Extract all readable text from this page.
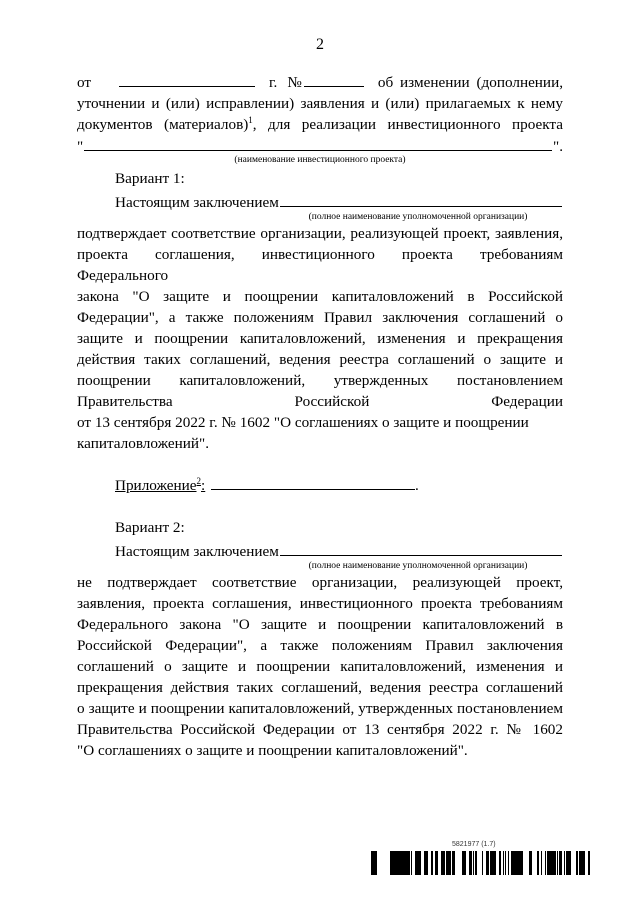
2
от	г. №	об изменении (дополнении,

уточнении и (или) исправлении) заявления и (или) прилагаемых к нему

документов (материалов)$^1$, для реализации инвестиционного проекта

"	".

(наименование инвестиционного проекта)

Вариант 1:

Настоящим заключением

(полное наименование уполномоченной организации)

подтверждает соответствие организации, реализующей проект, заявления,

проекта соглашения, инвестиционного проекта требованиям Федерального

закона "О защите и поощрении капиталовложений в Российской

Федерации", а также положениям Правил заключения соглашений о

защите и поощрении капиталовложений, изменения и прекращения

действия таких соглашений, ведения реестра соглашений о защите и

поощрении капиталовложений, утвержденных постановлением

Правительства Российской Федерации

от 13 сентября 2022 г. № 1602 "О соглашениях о защите и поощрении

капиталовложений".

Приложение$^2$:	.

Вариант 2:

Настоящим заключением

(полное наименование уполномоченной организации)

не подтверждает соответствие организации, реализующей проект,

заявления, проекта соглашения, инвестиционного проекта требованиям

Федерального закона "О защите и поощрении капиталовложений в

Российской Федерации", а также положениям Правил заключения

соглашений о защите и поощрении капиталовложений, изменения и

прекращения действия таких соглашений, ведения реестра соглашений

о защите и поощрении капиталовложений, утвержденных постановлением

Правительства Российской Федерации от 13 сентября 2022 г. № 1602

"О соглашениях о защите и поощрении капиталовложений".

5821977 (1.7)
